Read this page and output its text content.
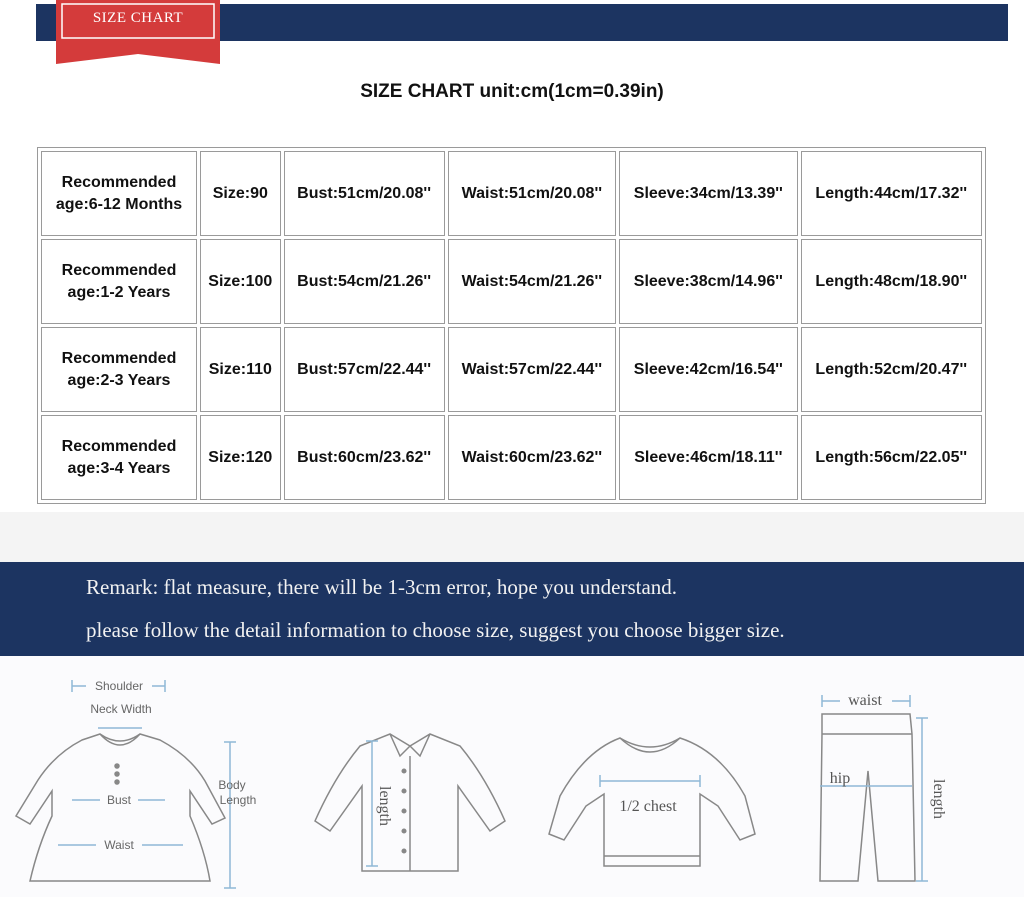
SIZE CHART
SIZE CHART unit:cm(1cm=0.39in)
Recommended
age:6-12 Months	Size:90	Bust:51cm/20.08''	Waist:51cm/20.08''	Sleeve:34cm/13.39''	Length:44cm/17.32''

Recommended
age:1-2 Years	Size:100	Bust:54cm/21.26''	Waist:54cm/21.26''	Sleeve:38cm/14.96''	Length:48cm/18.90''

Recommended
age:2-3 Years	Size:110	Bust:57cm/22.44''	Waist:57cm/22.44''	Sleeve:42cm/16.54''	Length:52cm/20.47''

Recommended
age:3-4 Years	Size:120	Bust:60cm/23.62''	Waist:60cm/23.62''	Sleeve:46cm/18.11''	Length:56cm/22.05''
Remark: flat measure, there will be 1-3cm error, hope you understand.
please follow the detail information to choose size, suggest you choose bigger size.
Shoulder
Neck Width
Bust
Waist
Body
Length	length	1/2 chest
waist
hip
length
